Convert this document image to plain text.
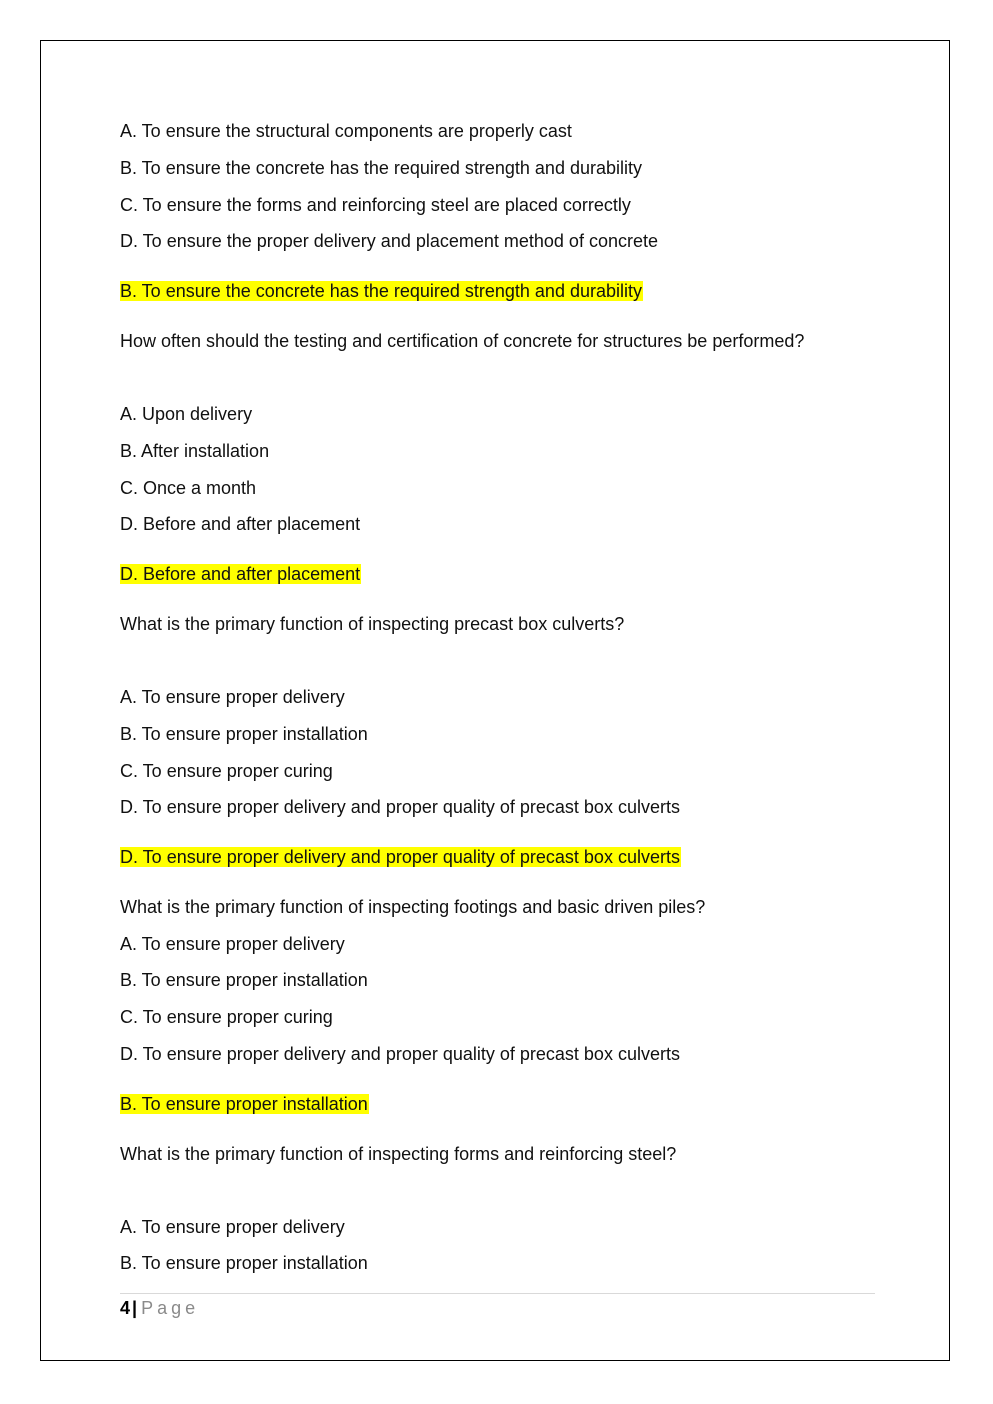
A. To ensure the structural components are properly cast
B. To ensure the concrete has the required strength and durability
C. To ensure the forms and reinforcing steel are placed correctly
D. To ensure the proper delivery and placement method of concrete
B. To ensure the concrete has the required strength and durability
How often should the testing and certification of concrete for structures be performed?
A. Upon delivery
B. After installation
C. Once a month
D. Before and after placement
D. Before and after placement
What is the primary function of inspecting precast box culverts?
A. To ensure proper delivery
B. To ensure proper installation
C. To ensure proper curing
D. To ensure proper delivery and proper quality of precast box culverts
D. To ensure proper delivery and proper quality of precast box culverts
What is the primary function of inspecting footings and basic driven piles?
A. To ensure proper delivery
B. To ensure proper installation
C. To ensure proper curing
D. To ensure proper delivery and proper quality of precast box culverts
B. To ensure proper installation
What is the primary function of inspecting forms and reinforcing steel?
A. To ensure proper delivery
B. To ensure proper installation
4 | Page
